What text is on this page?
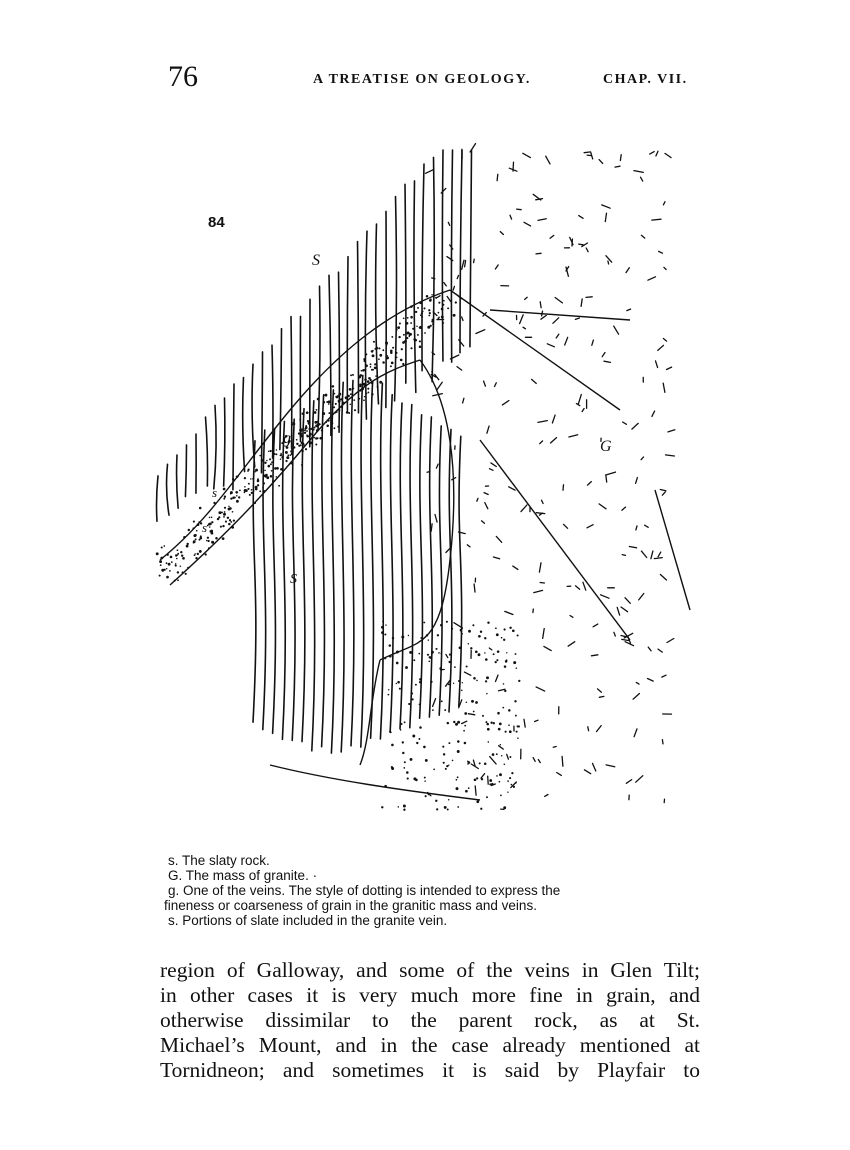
76	A TREATISE ON GEOLOGY.	CHAP. VII.
84
S
G
g
s
s
S
s. The slaty rock.
G. The mass of granite. ·
g. One of the veins. The style of dotting is intended to express the
fineness or coarseness of grain in the granitic mass and veins.
s. Portions of slate included in the granite vein.
region of Galloway, and some of the veins in Glen Tilt;
in other cases it is very much more fine in grain, and
otherwise dissimilar to the parent rock, as at St.
Michael’s Mount, and in the case already mentioned at
Tornidneon; and sometimes it is said by Playfair to
